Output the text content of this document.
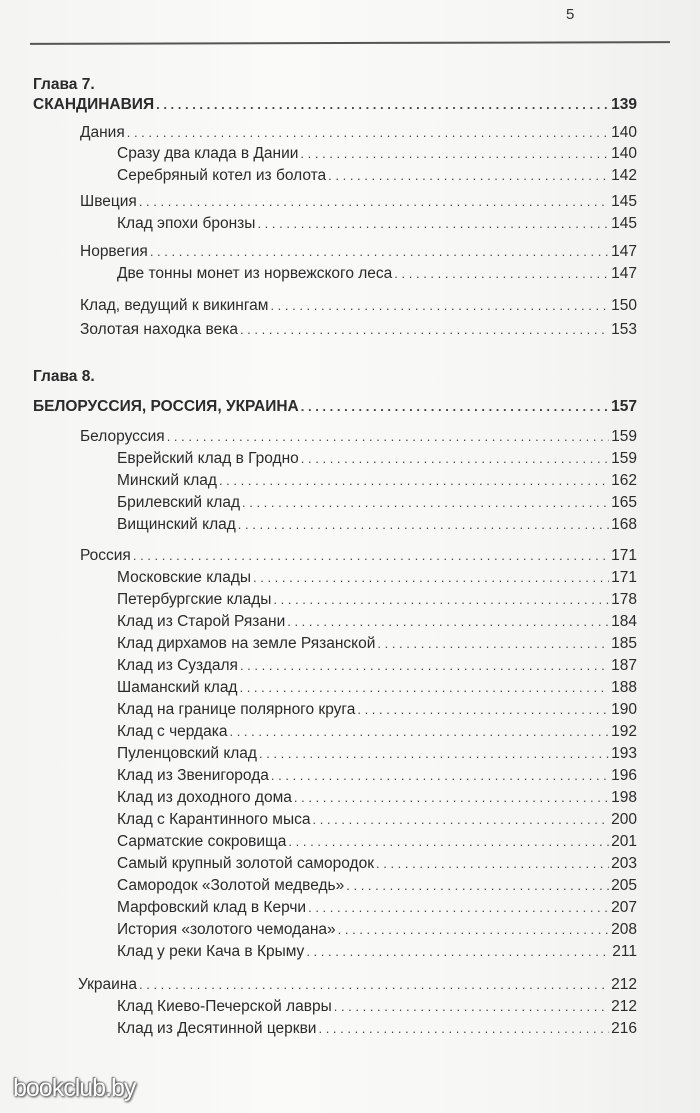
5
Глава 7.
СКАНДИНАВИЯ . . .	139
Дания . . .	140
Сразу два клада в Дании . . .	140
Серебряный котел из болота . . .	142
Швеция . . .	145
Клад эпохи бронзы . . .	145
Норвегия . . .	147
Две тонны монет из норвежского леса . . .	147
Клад, ведущий к викингам . . .	150
Золотая находка века . . .	153
Глава 8.
БЕЛОРУССИЯ, РОССИЯ, УКРАИНА . . .	157
Белоруссия . . .	159
Еврейский клад в Гродно . . .	159
Минский клад . . .	162
Брилевский клад . . .	165
Вищинский клад . . .	168
Россия . . .	171
Московские клады . . .	171
Петербургские клады . . .	178
Клад из Старой Рязани . . .	184
Клад дирхамов на земле Рязанской . . .	185
Клад из Суздаля . . .	187
Шаманский клад . . .	188
Клад на границе полярного круга . . .	190
Клад с чердака . . .	192
Пуленцовский клад . . .	193
Клад из Звенигорода . . .	196
Клад из доходного дома . . .	198
Клад с Карантинного мыса . . .	200
Сарматские сокровища . . .	201
Самый крупный золотой самородок . . .	203
Самородок «Золотой медведь» . . .	205
Марфовский клад в Керчи . . .	207
История «золотого чемодана» . . .	208
Клад у реки Кача в Крыму . . .	211
Украина . . .	212
Клад Киево-Печерской лавры . . .	212
Клад из Десятинной церкви . . .	216
bookclub.by
